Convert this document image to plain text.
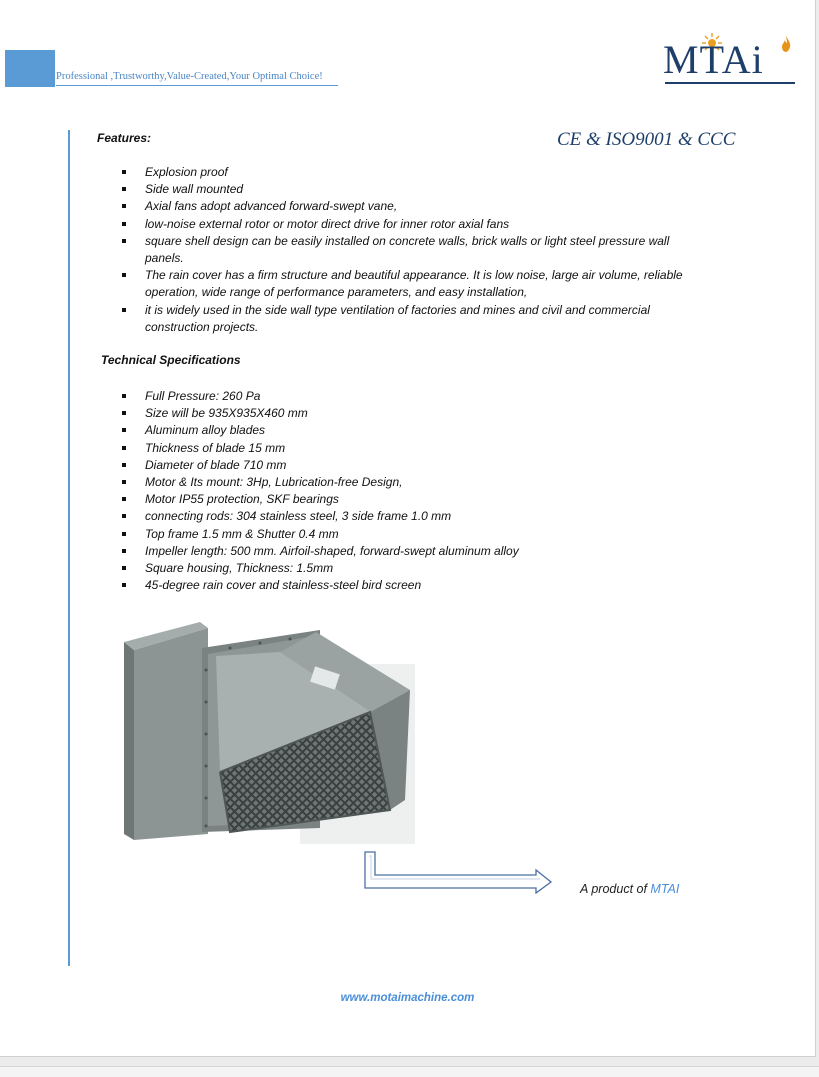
Professional ,Trustworthy,Value-Created,Your Optimal Choice!	MTAi
Features:	CE & ISO9001 & CCC
Explosion proof
Side wall mounted
Axial fans adopt advanced forward-swept vane,
low-noise external rotor or motor direct drive for inner rotor axial fans
square shell design can be easily installed on concrete walls, brick walls or light steel pressure wall panels.
The rain cover has a firm structure and beautiful appearance. It is low noise, large air volume, reliable operation, wide range of performance parameters, and easy installation,
it is widely used in the side wall type ventilation of factories and mines and civil and commercial construction projects.
Technical Specifications
Full Pressure: 260 Pa
Size will be 935X935X460 mm
Aluminum alloy blades
Thickness of blade 15 mm
Diameter of blade 710 mm
Motor & Its mount: 3Hp, Lubrication-free Design,
Motor IP55 protection, SKF bearings
connecting rods: 304 stainless steel, 3 side frame 1.0 mm
Top frame 1.5 mm & Shutter 0.4 mm
Impeller length: 500 mm. Airfoil-shaped, forward-swept aluminum alloy
Square housing, Thickness: 1.5mm
45-degree rain cover and stainless-steel bird screen
A product of MTAI
www.motaimachine.com
